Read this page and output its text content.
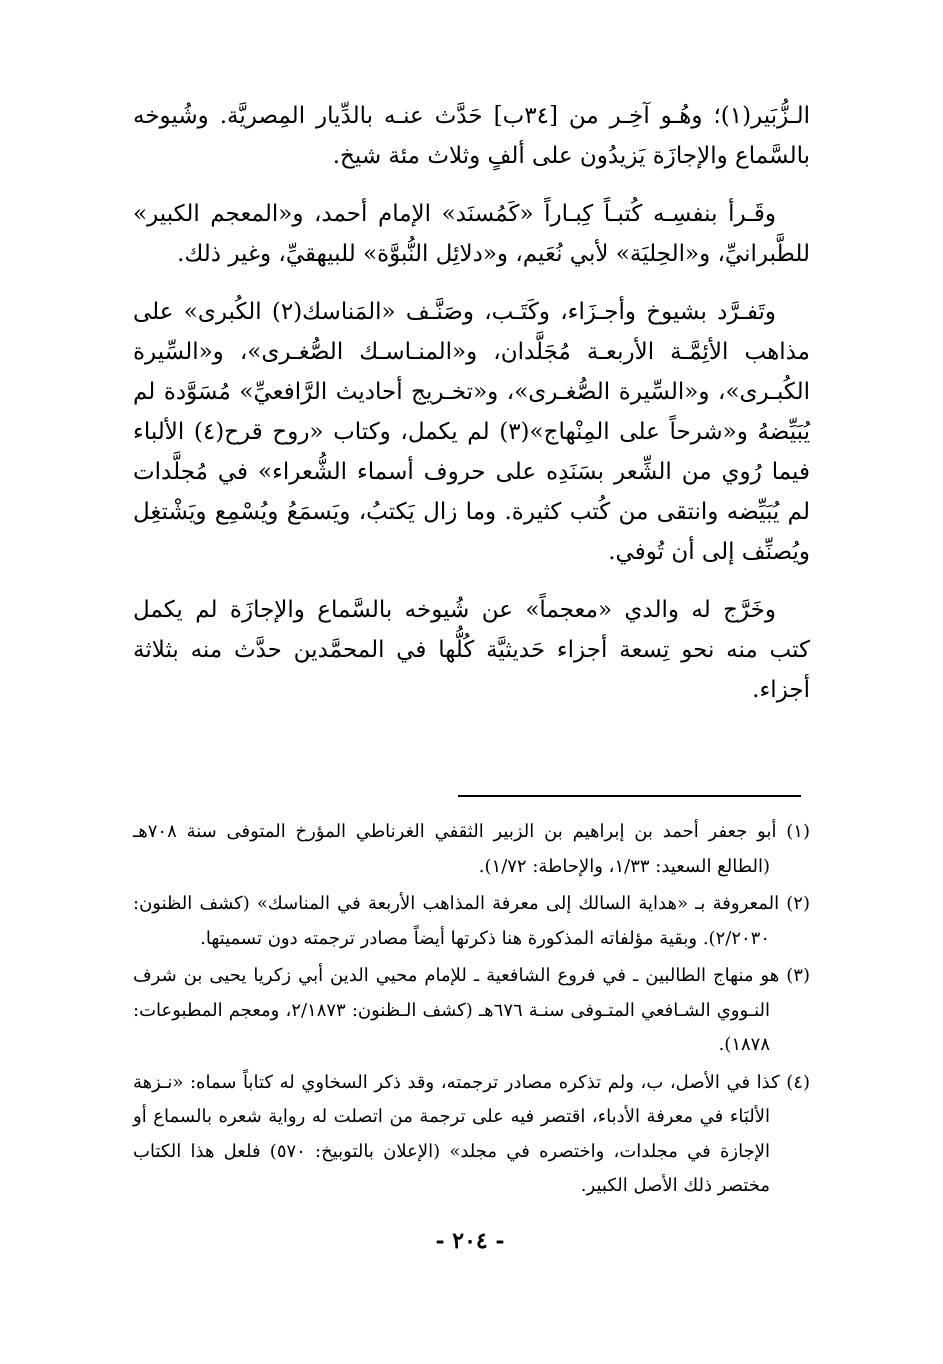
الـزُّبَير(١)؛ وهُـو آخِـر من [٣٤ب] حَدَّث عنـه بالدِّيار المِصريَّة. وشُيوخه بالسَّماع والإجازَة يَزيدُون على ألفٍ وثلاث مئة شيخ.

وقَـرأ بنفسِـه كُتبـاً كِبـاراً «كَمُسنَد» الإمام أحمد، و«المعجم الكبير» للطَّبرانيِّ، و«الحِليَة» لأبي نُعَيم، و«دلائِل النُّبوَّة» للبيهقيِّ، وغير ذلك.

وتَفـرَّد بشيوخ وأجـزَاء، وكَتَـب، وصَنَّـف «المَناسك(٢) الكُبرى» على مذاهب الأئِمَّـة الأربعـة مُجَلَّدان، و«المنـاسـك الصُّغـرى»، و«السِّيرة الكُبـرى»، و«السِّيرة الصُّغـرى»، و«تخـريج أحاديث الرَّافعيِّ» مُسَوَّدة لم يُبَيِّضهُ و«شرحاً على المِنْهاج»(٣) لم يكمل، وكتاب «روح قرح(٤) الألباء فيما رُوي من الشِّعر بسَنَدِه على حروف أسماء الشُّعراء» في مُجلَّدات لم يُبَيِّضه وانتقى من كُتب كثيرة. وما زال يَكتبُ، ويَسمَعُ ويُسْمِع ويَشْتغِل ويُصنِّف إلى أن تُوفي.

وخَرَّج له والدي «معجماً» عن شُيوخه بالسَّماع والإجازَة لم يكمل كتب منه نحو تِسعة أجزاء حَديثيَّة كُلُّها في المحمَّدين حدَّث منه بثلاثة أجزاء.

(١) أبو جعفر أحمد بن إبراهيم بن الزبير الثقفي الغرناطي المؤرخ المتوفى سنة ٧٠٨هـ (الطالع السعيد: ١/٣٣، والإحاطة: ١/٧٢).

(٢) المعروفة بـ «هداية السالك إلى معرفة المذاهب الأربعة في المناسك» (كشف الظنون: ٢/٢٠٣٠). وبقية مؤلفاته المذكورة هنا ذكرتها أيضاً مصادر ترجمته دون تسميتها.

(٣) هو منهاج الطالبين ـ في فروع الشافعية ـ للإمام محيي الدين أبي زكريا يحيى بن شرف النـووي الشـافعي المتـوفى سنـة ٦٧٦هـ (كشف الـظنون: ٢/١٨٧٣، ومعجم المطبوعات: ١٨٧٨).

(٤) كذا في الأصل، ب، ولم تذكره مصادر ترجمته، وقد ذكر السخاوي له كتاباً سماه: «نـزهة الألبَاء في معرفة الأدباء، اقتصر فيه على ترجمة من اتصلت له رواية شعره بالسماع أو الإجازة في مجلدات، واختصره في مجلد» (الإعلان بالتوبيخ: ٥٧٠) فلعل هذا الكتاب مختصر ذلك الأصل الكبير.

- ٢٠٤ -
